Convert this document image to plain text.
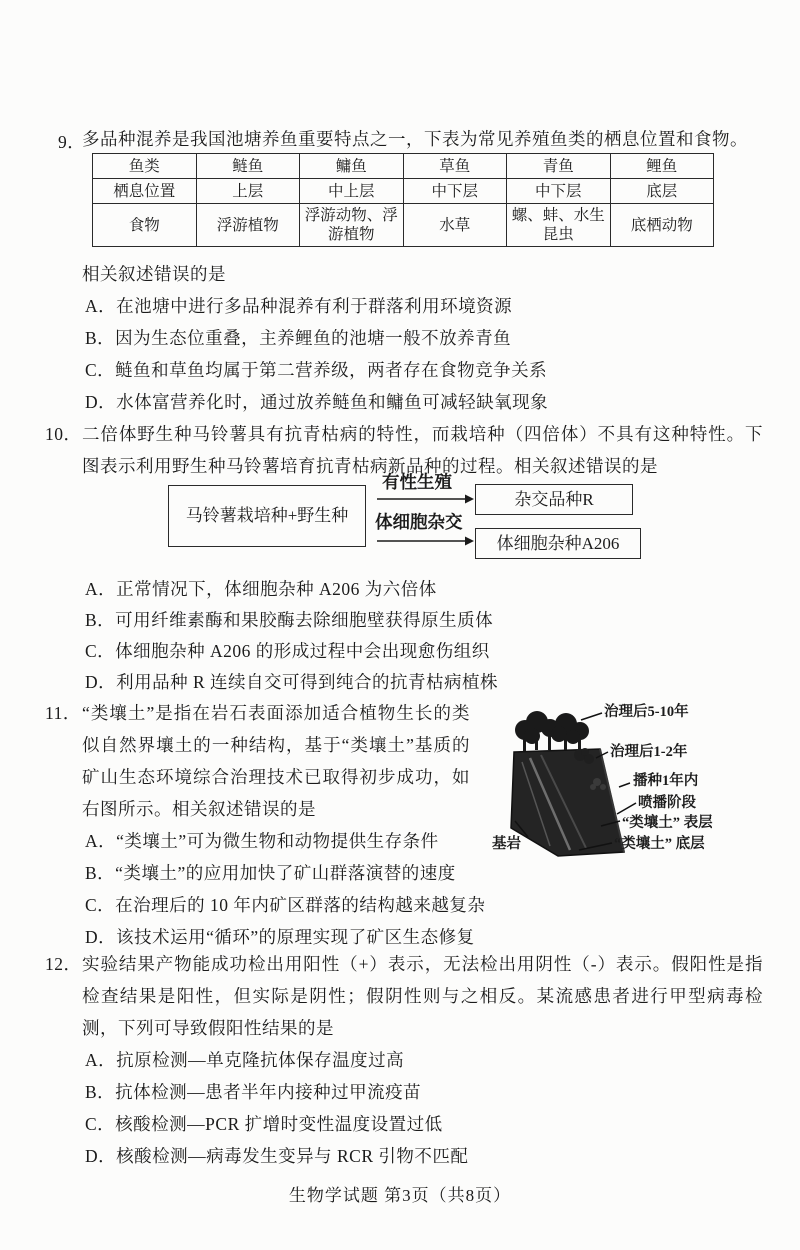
9．
多品种混养是我国池塘养鱼重要特点之一，下表为常见养殖鱼类的栖息位置和食物。
鱼类	鲢鱼	鳙鱼	草鱼	青鱼	鲤鱼
栖息位置	上层	中上层	中下层	中下层	底层
食物	浮游植物	浮游动物、浮游植物	水草	螺、蚌、水生昆虫	底栖动物
相关叙述错误的是
A．在池塘中进行多品种混养有利于群落利用环境资源
B．因为生态位重叠，主养鲤鱼的池塘一般不放养青鱼
C．鲢鱼和草鱼均属于第二营养级，两者存在食物竞争关系
D．水体富营养化时，通过放养鲢鱼和鳙鱼可减轻缺氧现象
10． 二倍体野生种马铃薯具有抗青枯病的特性，而栽培种（四倍体）不具有这种特性。下图表示利用野生种马铃薯培育抗青枯病新品种的过程。相关叙述错误的是
马铃薯栽培种+野生种
有性生殖
体细胞杂交
杂交品种R
体细胞杂种A206
A．正常情况下，体细胞杂种 A206 为六倍体
B．可用纤维素酶和果胶酶去除细胞壁获得原生质体
C．体细胞杂种 A206 的形成过程中会出现愈伤组织
D．利用品种 R 连续自交可得到纯合的抗青枯病植株
11．	治理后5-10年
治理后1-2年
播种1年内
喷播阶段
“类壤土” 表层
“类壤土” 底层
基岩
“类壤土”是指在岩石表面添加适合植物生长的类似自然界壤土的一种结构，基于“类壤土”基质的矿山生态环境综合治理技术已取得初步成功，如右图所示。相关叙述错误的是
A．“类壤土”可为微生物和动物提供生存条件
B．“类壤土”的应用加快了矿山群落演替的速度
C．在治理后的 10 年内矿区群落的结构越来越复杂
D．该技术运用“循环”的原理实现了矿区生态修复
12． 实验结果产物能成功检出用阳性（+）表示，无法检出用阴性（-）表示。假阳性是指检查结果是阳性，但实际是阴性；假阴性则与之相反。某流感患者进行甲型病毒检测，下列可导致假阳性结果的是
A．抗原检测—单克隆抗体保存温度过高
B．抗体检测—患者半年内接种过甲流疫苗
C．核酸检测—PCR 扩增时变性温度设置过低
D．核酸检测—病毒发生变异与 RCR 引物不匹配
生物学试题 第3页（共8页）
